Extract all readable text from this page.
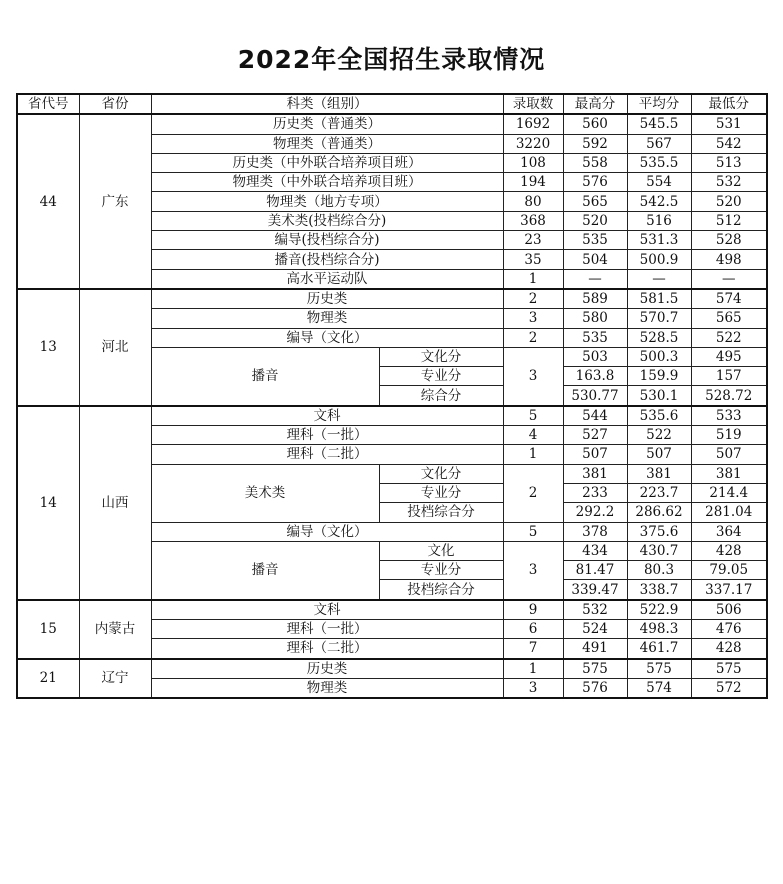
2022年全国招生录取情况
省代号	省份	科类（组别）		录取数	最高分	平均分	最低分
44	广东	历史类（普通类）		1692	560	545.5	531
		物理类（普通类）		3220	592	567	542
		历史类（中外联合培养项目班）		108	558	535.5	513
		物理类（中外联合培养项目班）		194	576	554	532
		物理类（地方专项）		80	565	542.5	520
		美术类(投档综合分)		368	520	516	512
		编导(投档综合分)		23	535	531.3	528
		播音(投档综合分)		35	504	500.9	498
		高水平运动队		1	—	—	—
13	河北	历史类		2	589	581.5	574
		物理类		3	580	570.7	565
		编导（文化）		2	535	528.5	522
		播音	文化分	3	503	500.3	495
			专业分		163.8	159.9	157
			综合分		530.77	530.1	528.72
14	山西	文科		5	544	535.6	533
		理科（一批）		4	527	522	519
		理科（二批）		1	507	507	507
		美术类	文化分	2	381	381	381
			专业分		233	223.7	214.4
			投档综合分		292.2	286.62	281.04
		编导（文化）		5	378	375.6	364
		播音	文化	3	434	430.7	428
			专业分		81.47	80.3	79.05
			投档综合分		339.47	338.7	337.17
15	内蒙古	文科		9	532	522.9	506
		理科（一批）		6	524	498.3	476
		理科（二批）		7	491	461.7	428
21	辽宁	历史类		1	575	575	575
		物理类		3	576	574	572
